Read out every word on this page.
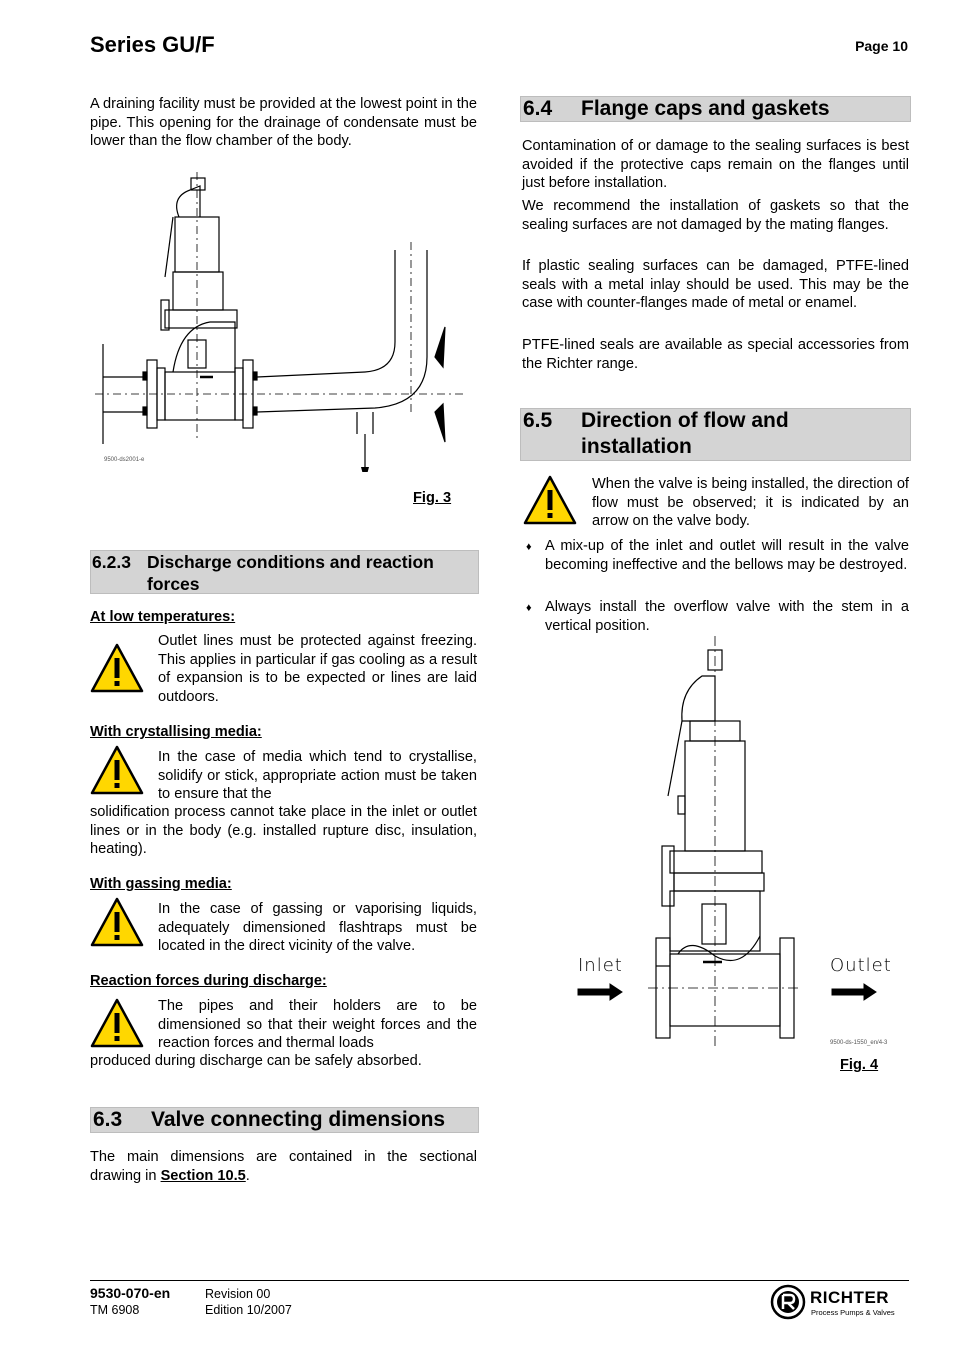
Series GU/F	Page 10

A draining facility must be provided at the lowest point in the pipe. This opening for the drainage of condensate must be lower than the flow chamber of the body.

9500-ds2001-e
Fig. 3
6.2.3 Discharge conditions and reaction
forces
At low temperatures:

Outlet lines must be protected against freezing. This applies in particular if gas cooling as a result of expansion is to be expected or lines are laid outdoors.

With crystallising media:

In the case of media which tend to crystallise, solidify or stick, appropriate action must be taken to ensure that the

solidification process cannot take place in the inlet or outlet lines or in the body (e.g. installed rupture disc, insulation, heating).

With gassing media:

In the case of gassing or vaporising liquids, adequately dimensioned flashtraps must be located in the direct vicinity of the valve.

Reaction forces during discharge:

The pipes and their holders are to be dimensioned so that their weight forces and the reaction forces and thermal loads

produced during discharge can be safely absorbed.

6.3 Valve connecting dimensions

The main dimensions are contained in the sectional drawing in Section 10.5.

6.4 Flange caps and gaskets

Contamination of or damage to the sealing surfaces is best avoided if the protective caps remain on the flanges until just before installation.

We recommend the installation of gaskets so that the sealing surfaces are not damaged by the mating flanges.

If plastic sealing surfaces can be damaged, PTFE-lined seals with a metal inlay should be used. This may be the case with counter-flanges made of metal or enamel.

PTFE-lined seals are available as special accessories from the Richter range.

6.5 Direction of flow and
installation

When the valve is being installed, the direction of flow must be observed; it is indicated by an arrow on the valve body.

♦ A mix-up of the inlet and outlet will result in the valve becoming ineffective and the bellows may be destroyed.

♦ Always install the overflow valve with the stem in a vertical position.

Inlet	Outlet
9500-ds-1550_en/4-3
Fig. 4
9530-070-en
TM 6908
Revision 00
Edition 10/2007
RICHTER
Process Pumps & Valves
